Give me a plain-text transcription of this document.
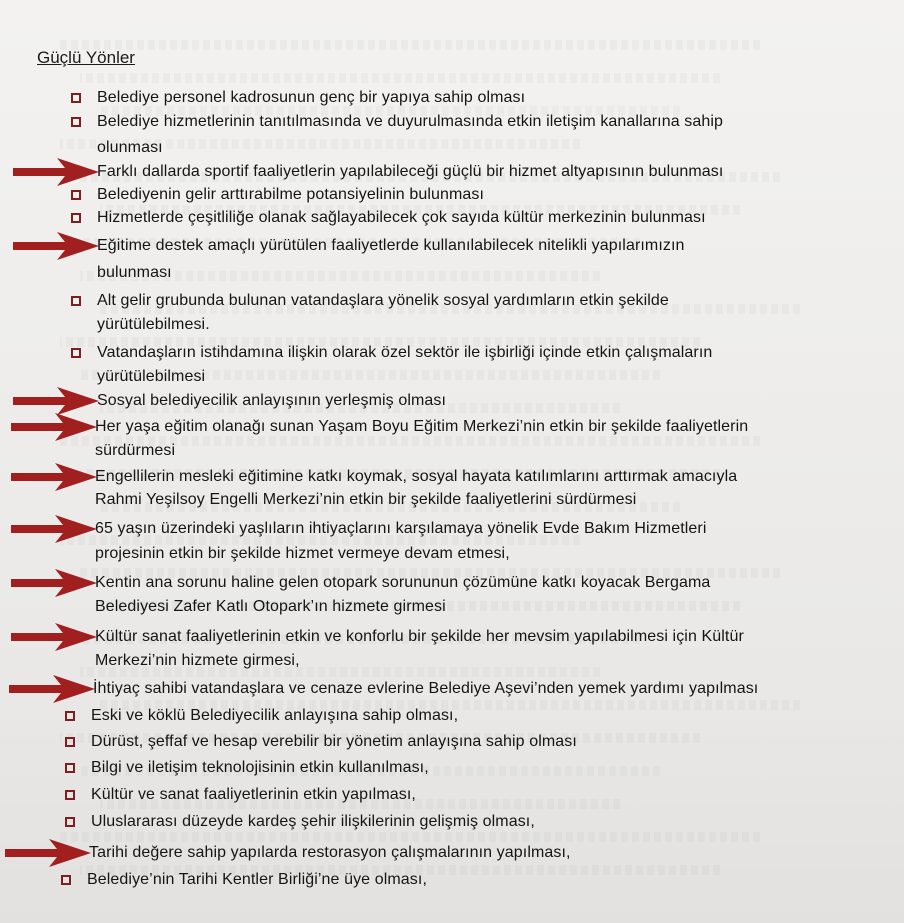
Güçlü Yönler
Belediye personel kadrosunun genç bir yapıya sahip olması
Belediye hizmetlerinin tanıtılmasında ve duyurulmasında etkin iletişim kanallarına sahip
olunması
Farklı dallarda sportif faaliyetlerin yapılabileceği güçlü bir hizmet altyapısının bulunması
Belediyenin gelir arttırabilme potansiyelinin bulunması
Hizmetlerde çeşitliliğe olanak sağlayabilecek çok sayıda kültür merkezinin bulunması
Eğitime destek amaçlı yürütülen faaliyetlerde kullanılabilecek nitelikli yapılarımızın
bulunması
Alt gelir grubunda bulunan vatandaşlara yönelik sosyal yardımların etkin şekilde
yürütülebilmesi.
Vatandaşların istihdamına ilişkin olarak özel sektör ile işbirliği içinde etkin çalışmaların
yürütülebilmesi
Sosyal belediyecilik anlayışının yerleşmiş olması
Her yaşa eğitim olanağı sunan Yaşam Boyu Eğitim Merkezi’nin etkin bir şekilde faaliyetlerin
sürdürmesi
Engellilerin mesleki eğitimine katkı koymak, sosyal hayata katılımlarını arttırmak amacıyla
Rahmi Yeşilsoy Engelli Merkezi’nin etkin bir şekilde faaliyetlerini sürdürmesi
65 yaşın üzerindeki yaşlıların ihtiyaçlarını karşılamaya yönelik Evde Bakım Hizmetleri
projesinin etkin bir şekilde hizmet vermeye devam etmesi,
Kentin ana sorunu haline gelen otopark sorununun çözümüne katkı koyacak Bergama
Belediyesi Zafer Katlı Otopark’ın hizmete girmesi
Kültür sanat faaliyetlerinin etkin ve konforlu bir şekilde her mevsim yapılabilmesi için Kültür
Merkezi’nin hizmete girmesi,
İhtiyaç sahibi vatandaşlara ve cenaze evlerine Belediye Aşevi’nden yemek yardımı yapılması
Eski ve köklü Belediyecilik anlayışına sahip olması,
Dürüst, şeffaf ve hesap verebilir bir yönetim anlayışına sahip olması
Bilgi ve iletişim teknolojisinin etkin kullanılması,
Kültür ve sanat faaliyetlerinin etkin yapılması,
Uluslararası düzeyde kardeş şehir ilişkilerinin gelişmiş olması,
Tarihi değere sahip yapılarda restorasyon çalışmalarının yapılması,
Belediye’nin Tarihi Kentler Birliği’ne üye olması,
